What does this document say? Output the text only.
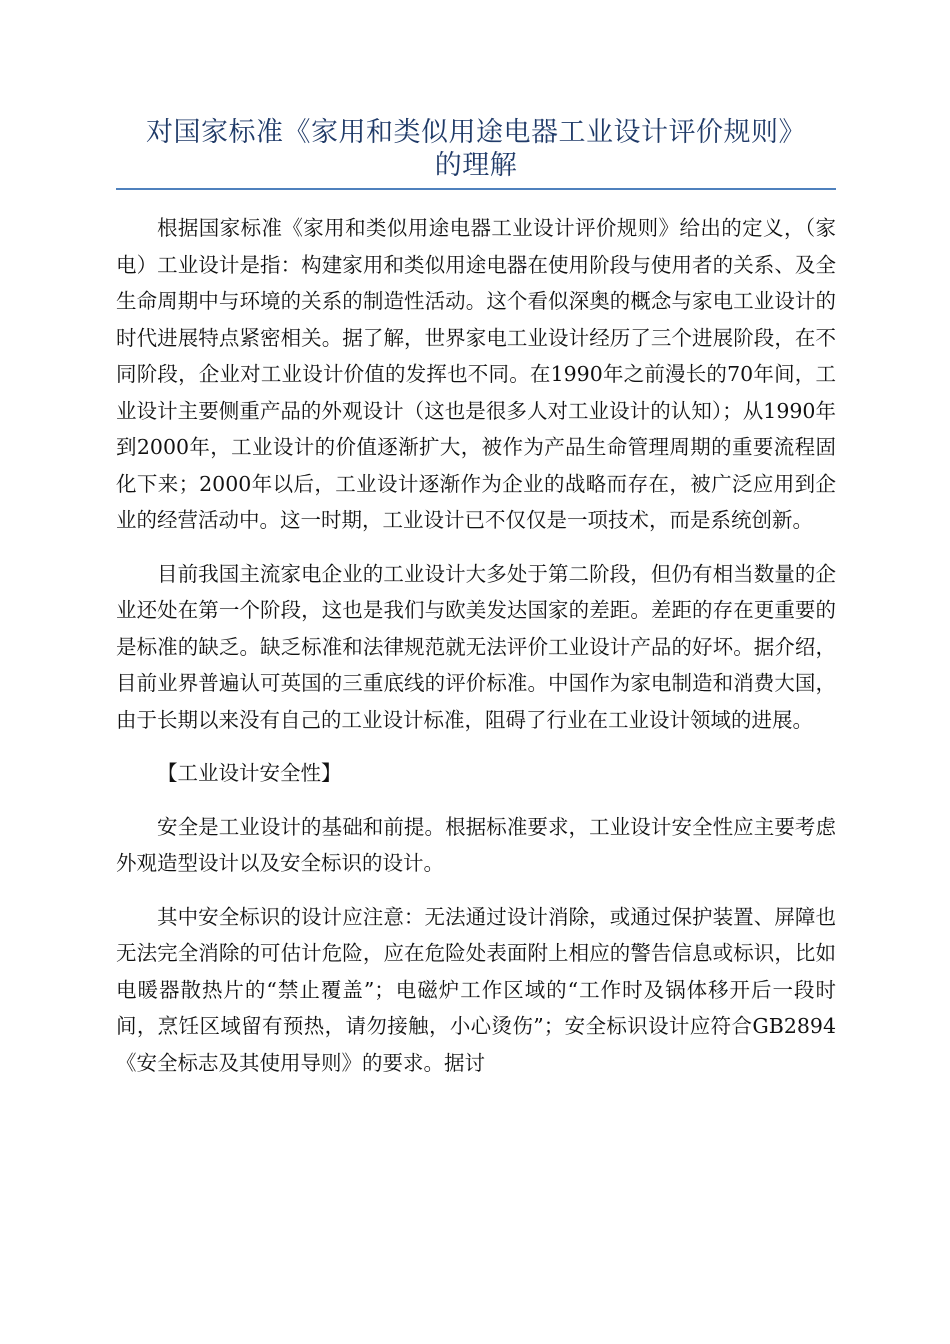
对国家标准《家用和类似用途电器工业设计评价规则》
的理解

根据国家标准《家用和类似用途电器工业设计评价规则》给出的定义，（家电）工业设计是指：构建家用和类似用途电器在使用阶段与使用者的关系、及全生命周期中与环境的关系的制造性活动。这个看似深奥的概念与家电工业设计的时代进展特点紧密相关。据了解，世界家电工业设计经历了三个进展阶段，在不同阶段，企业对工业设计价值的发挥也不同。在1990年之前漫长的70年间，工业设计主要侧重产品的外观设计（这也是很多人对工业设计的认知）；从1990年到2000年，工业设计的价值逐渐扩大，被作为产品生命管理周期的重要流程固化下来；2000年以后，工业设计逐渐作为企业的战略而存在，被广泛应用到企业的经营活动中。这一时期，工业设计已不仅仅是一项技术，而是系统创新。

目前我国主流家电企业的工业设计大多处于第二阶段，但仍有相当数量的企业还处在第一个阶段，这也是我们与欧美发达国家的差距。差距的存在更重要的是标准的缺乏。缺乏标准和法律规范就无法评价工业设计产品的好坏。据介绍，目前业界普遍认可英国的三重底线的评价标准。中国作为家电制造和消费大国，由于长期以来没有自己的工业设计标准，阻碍了行业在工业设计领域的进展。

【工业设计安全性】

安全是工业设计的基础和前提。根据标准要求，工业设计安全性应主要考虑外观造型设计以及安全标识的设计。

其中安全标识的设计应注意：无法通过设计消除，或通过保护装置、屏障也无法完全消除的可估计危险，应在危险处表面附上相应的警告信息或标识，比如电暖器散热片的“禁止覆盖”；电磁炉工作区域的“工作时及锅体移开后一段时间，烹饪区域留有预热，请勿接触，小心烫伤”；安全标识设计应符合GB2894《安全标志及其使用导则》的要求。据讨
